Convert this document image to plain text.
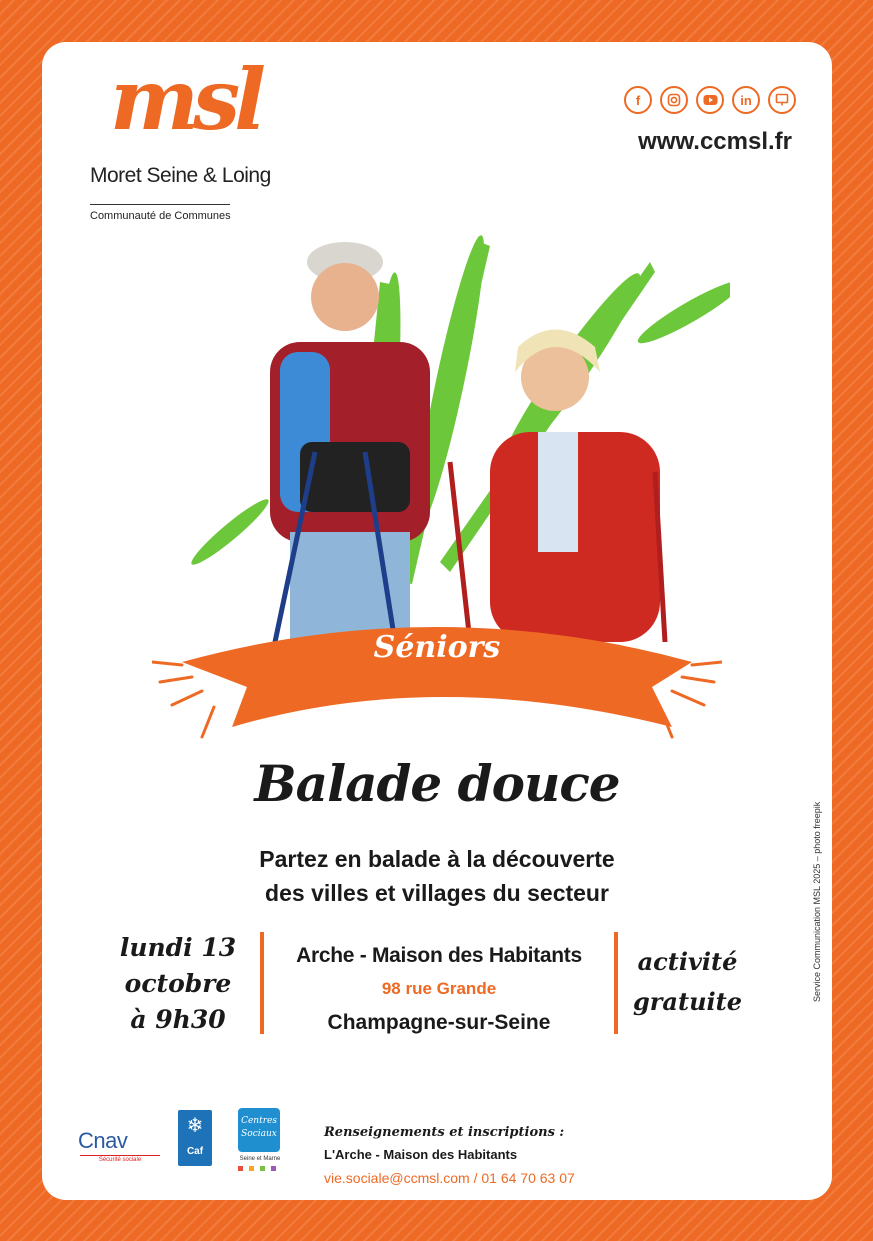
msl
Moret Seine & Loing
Communauté de Communes
f	in
www.ccmsl.fr
Séniors
Balade douce
Partez en balade à la découverte
des villes et villages du secteur
lundi 13
octobre
à 9h30
Arche - Maison des Habitants
98 rue Grande
Champagne-sur-Seine
activité
gratuite	Service Communication MSL 2025 – photo freepik
Cnav
Sécurité sociale
❄
Caf
Centres
Sociaux
Seine et Marne
Renseignements et inscriptions :
L'Arche - Maison des Habitants
vie.sociale@ccmsl.com / 01 64 70 63 07
